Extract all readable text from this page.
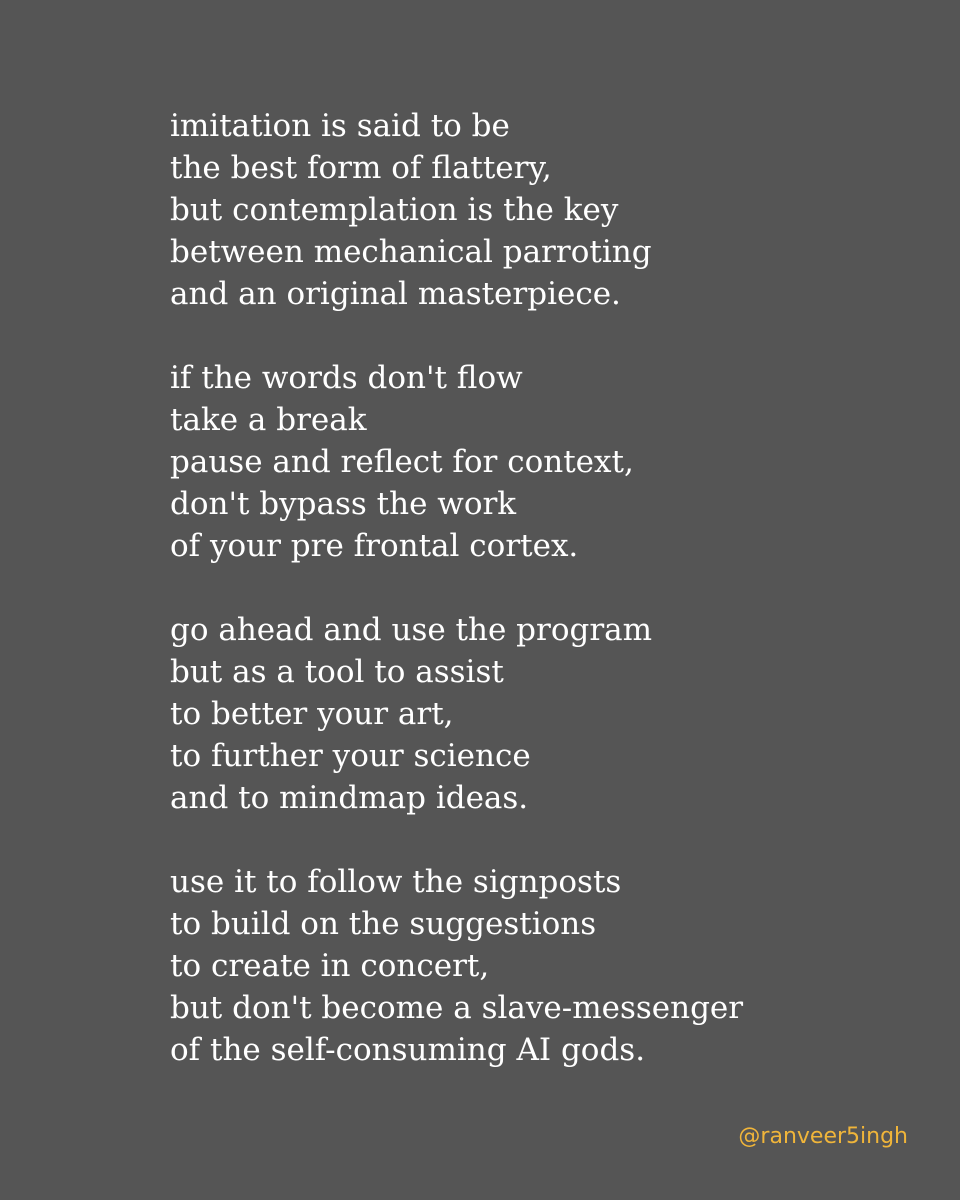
imitation is said to be
the best form of flattery,
but contemplation is the key
between mechanical parroting
and an original masterpiece.
if the words don't flow
take a break
pause and reflect for context,
don't bypass the work
of your pre frontal cortex.
go ahead and use the program
but as a tool to assist
to better your art,
to further your science
and to mindmap ideas.
use it to follow the signposts
to build on the suggestions
to create in concert,
but don't become a slave-messenger
of the self-consuming AI gods.
@ranveer5ingh
